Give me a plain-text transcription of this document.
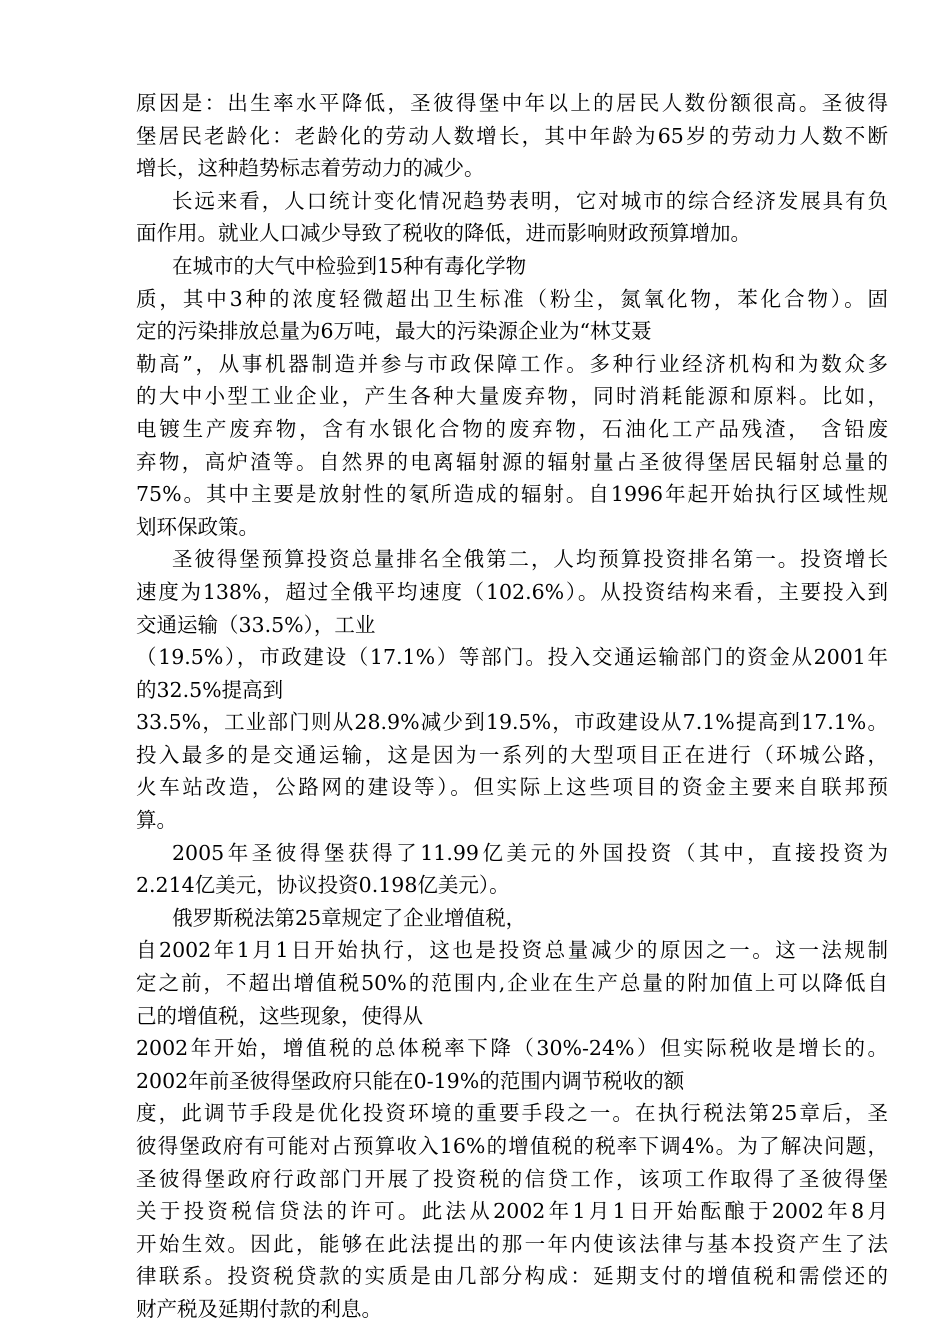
原因是：出生率水平降低，圣彼得堡中年以上的居民人数份额很高。圣彼得
堡居民老龄化：老龄化的劳动人数增长，其中年龄为65岁的劳动力人数不断
增长，这种趋势标志着劳动力的减少。
长远来看，人口统计变化情况趋势表明，它对城市的综合经济发展具有负
面作用。就业人口减少导致了税收的降低，进而影响财政预算增加。
在城市的大气中检验到15种有毒化学物
质，其中3种的浓度轻微超出卫生标准（粉尘，氮氧化物，苯化合物）。固
定的污染排放总量为6万吨，最大的污染源企业为“林艾聂
勒高”，从事机器制造并参与市政保障工作。多种行业经济机构和为数众多
的大中小型工业企业，产生各种大量废弃物，同时消耗能源和原料。比如，
电镀生产废弃物，含有水银化合物的废弃物，石油化工产品残渣， 含铅废
弃物，高炉渣等。自然界的电离辐射源的辐射量占圣彼得堡居民辐射总量的
75%。其中主要是放射性的氡所造成的辐射。自1996年起开始执行区域性规
划环保政策。
圣彼得堡预算投资总量排名全俄第二，人均预算投资排名第一。投资增长
速度为138%，超过全俄平均速度（102.6%）。从投资结构来看，主要投入到
交通运输（33.5%），工业
（19.5%），市政建设（17.1%）等部门。投入交通运输部门的资金从2001年
的32.5%提高到
33.5%，工业部门则从28.9%减少到19.5%，市政建设从7.1%提高到17.1%。
投入最多的是交通运输，这是因为一系列的大型项目正在进行（环城公路，
火车站改造，公路网的建设等）。但实际上这些项目的资金主要来自联邦预
算。
2005年圣彼得堡获得了11.99亿美元的外国投资（其中，直接投资为
2.214亿美元，协议投资0.198亿美元）。
俄罗斯税法第25章规定了企业增值税，
自2002年1月1日开始执行，这也是投资总量减少的原因之一。这一法规制
定之前，不超出增值税50%的范围内,企业在生产总量的附加值上可以降低自
己的增值税，这些现象，使得从
2002年开始，增值税的总体税率下降（30%-24%）但实际税收是增长的。
2002年前圣彼得堡政府只能在0-19%的范围内调节税收的额
度，此调节手段是优化投资环境的重要手段之一。在执行税法第25章后，圣
彼得堡政府有可能对占预算收入16%的增值税的税率下调4%。为了解决问题，
圣彼得堡政府行政部门开展了投资税的信贷工作，该项工作取得了圣彼得堡
关于投资税信贷法的许可。此法从2002年1月1日开始酝酿于2002年8月
开始生效。因此，能够在此法提出的那一年内使该法律与基本投资产生了法
律联系。投资税贷款的实质是由几部分构成：延期支付的增值税和需偿还的
财产税及延期付款的利息。
